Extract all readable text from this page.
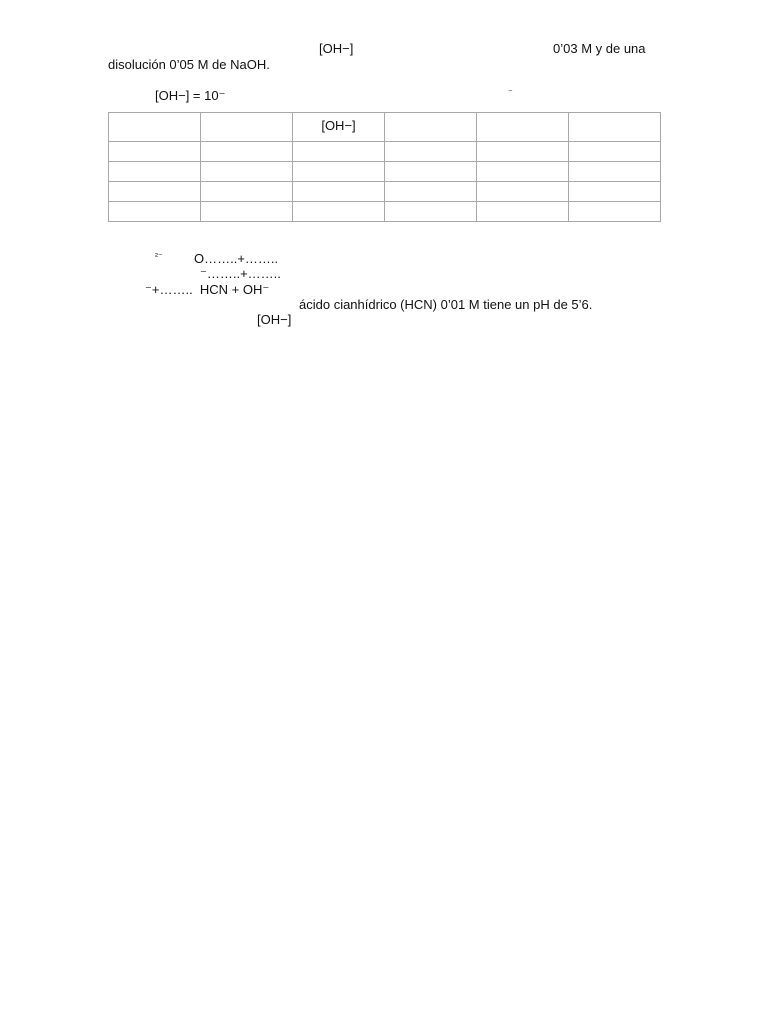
[OH−]	0’03 M y de una
disolución 0’05 M de NaOH.
[OH−] = 10⁻	⁻
		[OH−]			

²⁻ O……..+……..
⁻……..+……..
⁻+……..  HCN + OH⁻
ácido cianhídrico (HCN) 0’01 M tiene un pH de 5’6.
[OH−]
